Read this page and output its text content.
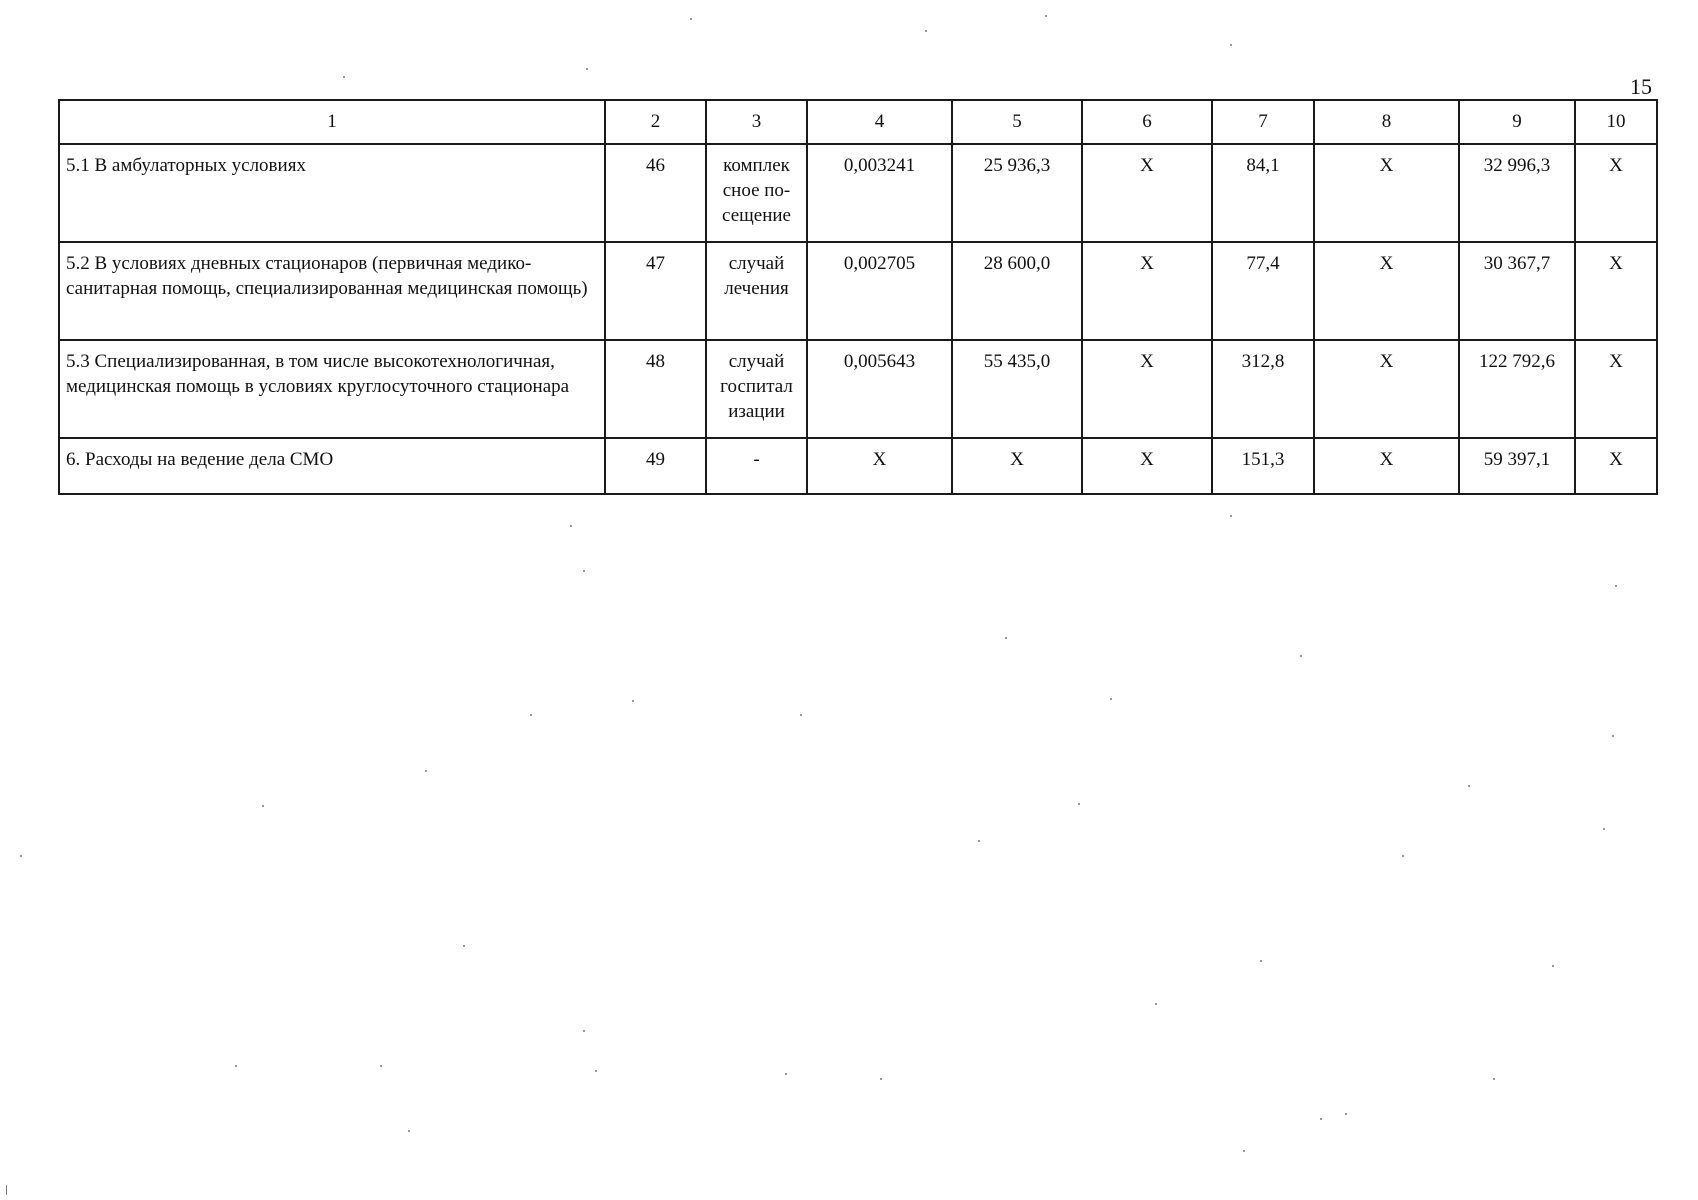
15
1	2	3	4	5	6	7	8	9	10
5.1 В амбулаторных условиях	46	комплек сное по-сещение	0,003241	25 936,3	Х	84,1	Х	32 996,3	Х
5.2 В условиях дневных стационаров (первичная медико-санитарная помощь, специализированная медицинская помощь)	47	случай лечения	0,002705	28 600,0	Х	77,4	Х	30 367,7	Х
5.3 Специализированная, в том числе высокотехнологичная, медицинская помощь в условиях круглосуточного стационара	48	случай госпитал изации	0,005643	55 435,0	Х	312,8	Х	122 792,6	Х
6. Расходы на ведение дела СМО	49	-	Х	Х	Х	151,3	Х	59 397,1	Х
